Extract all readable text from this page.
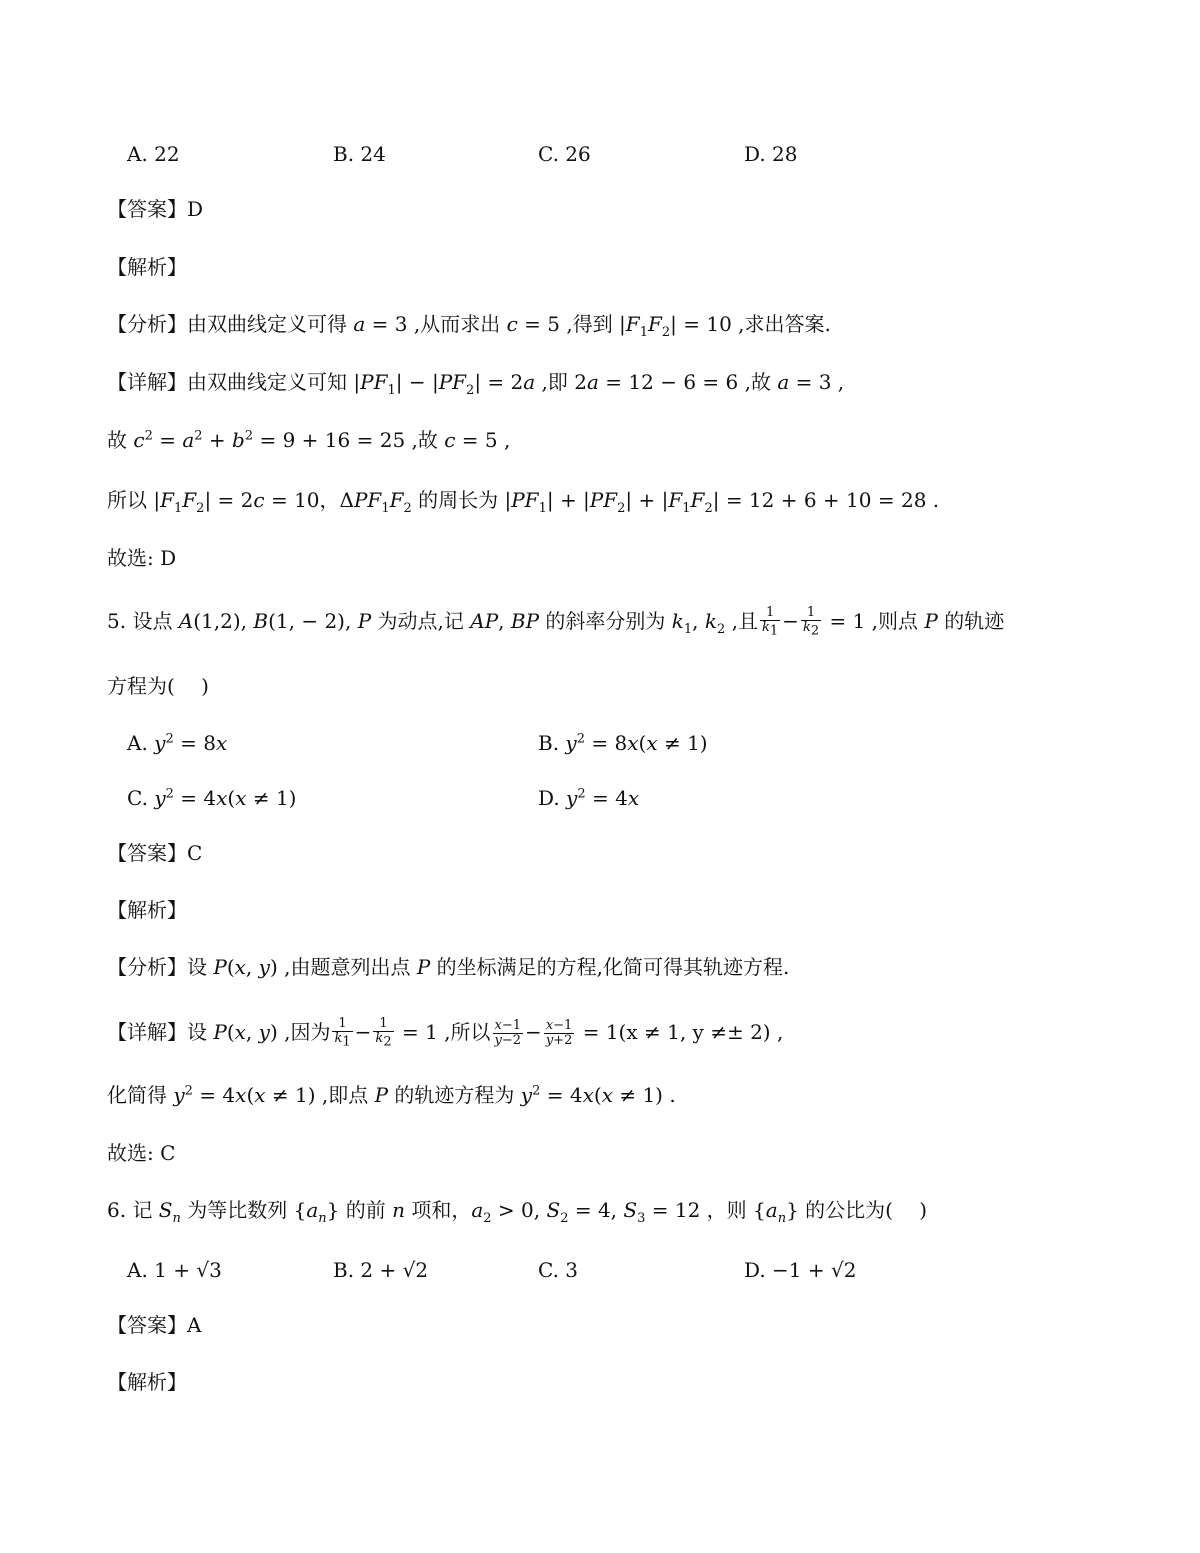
A. 22	B. 24	C. 26	D. 28
【答案】D
【解析】
【分析】由双曲线定义可得 a = 3 ,从而求出 c = 5 ,得到 $|F_1F_2| = 10$ ,求出答案.
【详解】由双曲线定义可知 $|PF_1| - |PF_2| = 2a$ ,即 2a = 12 − 6 = 6 ,故 a = 3 ,
故 $c^2 = a^2 + b^2 = 9 + 16 = 25$ ,故 c = 5 ,
所以 $|F_1F_2| = 2c = 10$，$\Delta PF_1F_2$ 的周长为 $|PF_1| + |PF_2| + |F_1F_2| = 12 + 6 + 10 = 28$ .
故选: D
5. 设点 A(1,2), B(1, − 2), P 为动点,记 AP, BP 的斜率分别为 $k_1$, $k_2$ ,且 $\frac{1}{k_1} - \frac{1}{k_2} = 1$ ,则点 P 的轨迹
方程为(　 )
A. $y^2 = 8x$	B. $y^2 = 8x(x \ne 1)$
C. $y^2 = 4x(x \ne 1)$	D. $y^2 = 4x$
【答案】C
【解析】
【分析】设 P(x, y) ,由题意列出点 P 的坐标满足的方程,化简可得其轨迹方程.
【详解】设 P(x, y) ,因为 $\frac{1}{k_1} - \frac{1}{k_2} = 1$ ,所以 $\frac{x-1}{y-2} - \frac{x-1}{y+2} = 1(x \ne 1$, y ≠± 2) ,
化简得 $y^2 = 4x(x \ne 1)$ ,即点 P 的轨迹方程为 $y^2 = 4x(x \ne 1)$ .
故选: C
6. 记 $S_n$ 为等比数列 $\{a_n\}$ 的前 n 项和，$a_2 > 0$, $S_2 = 4$, $S_3 = 12$ ，则 $\{a_n\}$ 的公比为(　 )
A. 1 + √3	B. 2 + √2	C. 3	D. −1 + √2
【答案】A
【解析】
